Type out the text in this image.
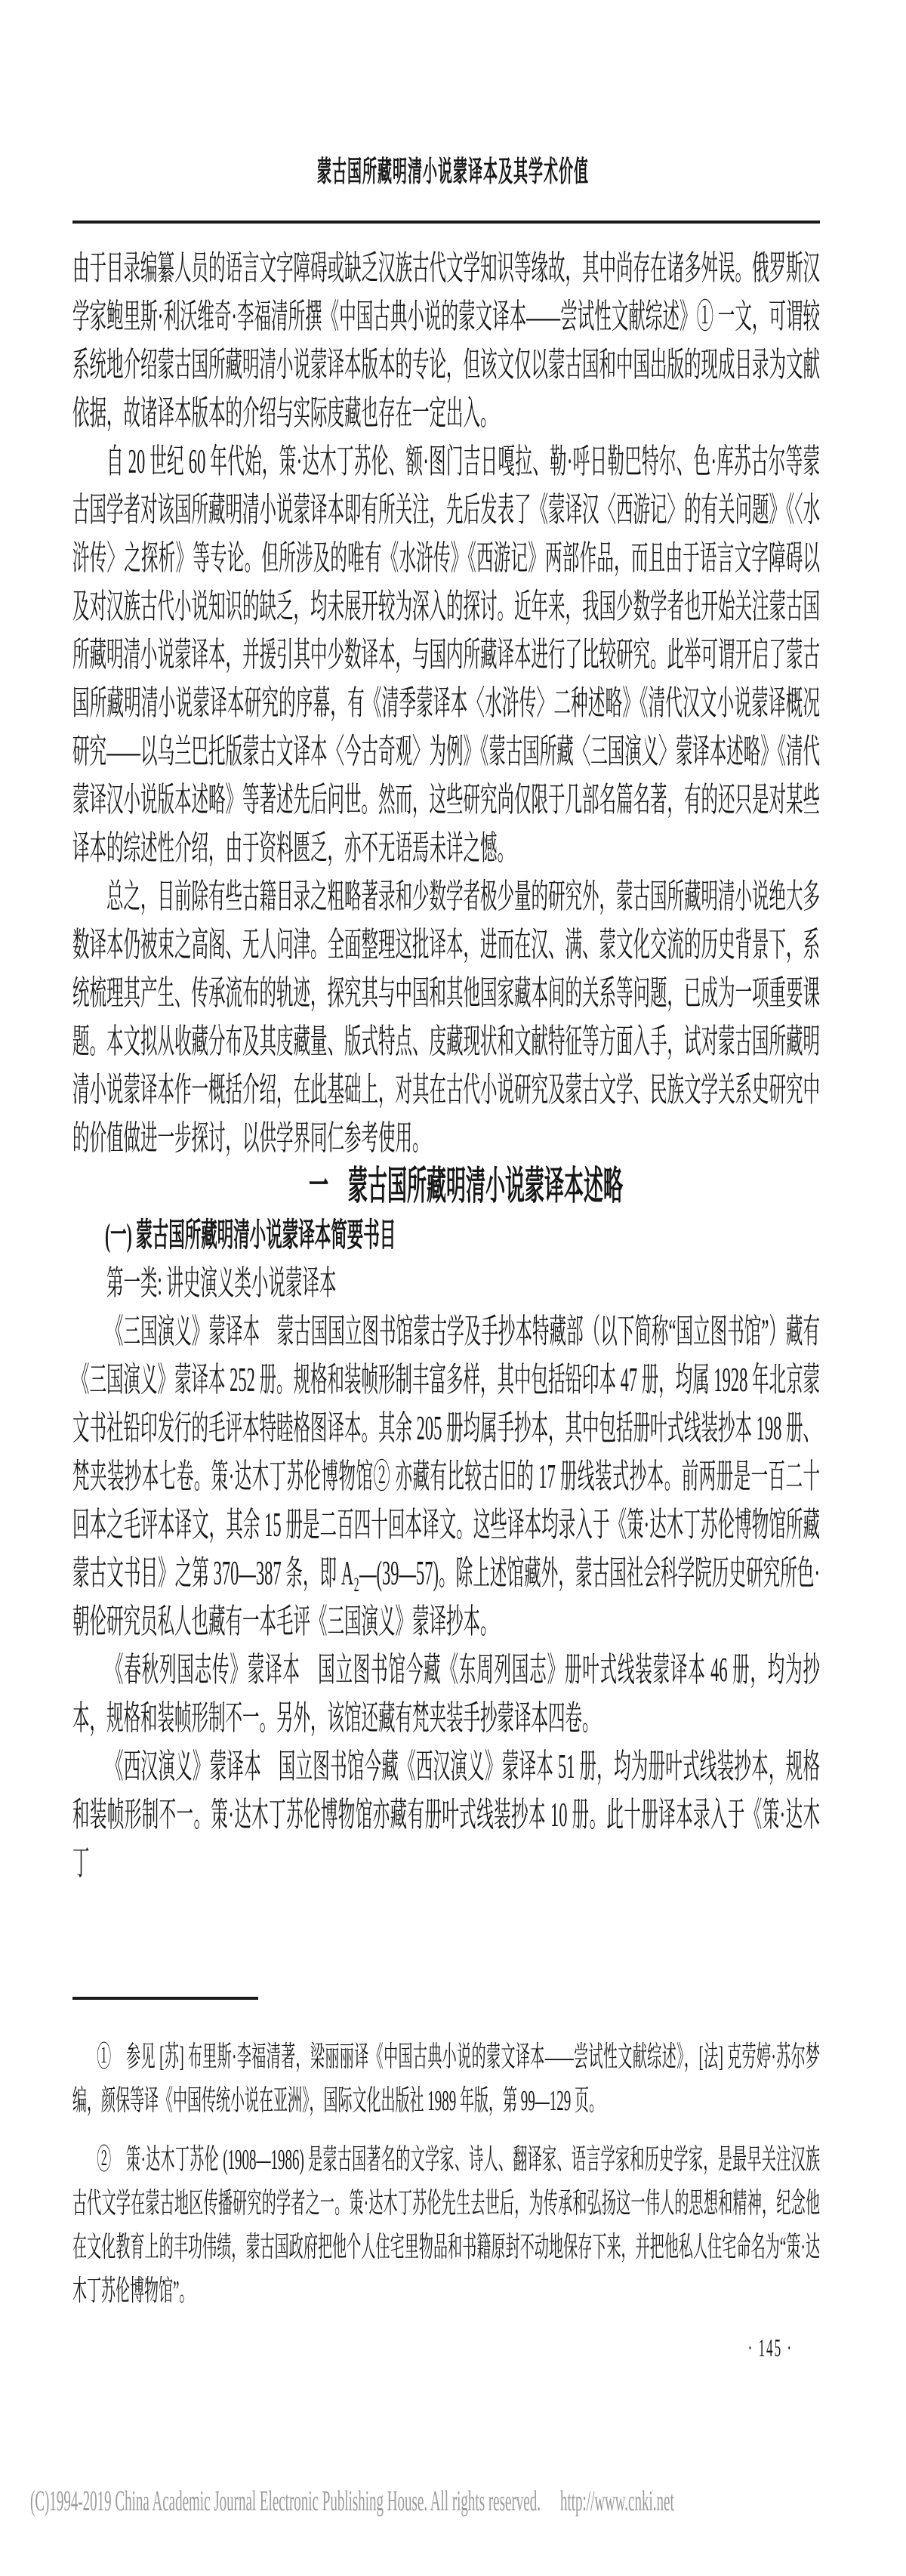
蒙古国所藏明清小说蒙译本及其学术价值

由于目录编纂人员的语言文字障碍或缺乏汉族古代文学知识等缘故，其中尚存在诸多舛误。俄罗斯汉学家鲍里斯·利沃维奇·李福清所撰《中国古典小说的蒙文译本——尝试性文献综述》① 一文，可谓较系统地介绍蒙古国所藏明清小说蒙译本版本的专论，但该文仅以蒙古国和中国出版的现成目录为文献依据，故诸译本版本的介绍与实际庋藏也存在一定出入。

自 20 世纪 60 年代始，策·达木丁苏伦、额·图门吉日嘎拉、勒·呼日勒巴特尔、色·库苏古尔等蒙古国学者对该国所藏明清小说蒙译本即有所关注，先后发表了《蒙译汉〈西游记〉的有关问题》《〈水浒传〉之探析》等专论。但所涉及的唯有《水浒传》《西游记》两部作品，而且由于语言文字障碍以及对汉族古代小说知识的缺乏，均未展开较为深入的探讨。近年来，我国少数学者也开始关注蒙古国所藏明清小说蒙译本，并援引其中少数译本，与国内所藏译本进行了比较研究。此举可谓开启了蒙古国所藏明清小说蒙译本研究的序幕，有《清季蒙译本〈水浒传〉二种述略》《清代汉文小说蒙译概况研究——以乌兰巴托版蒙古文译本〈今古奇观〉为例》《蒙古国所藏〈三国演义〉蒙译本述略》《清代蒙译汉小说版本述略》等著述先后问世。然而，这些研究尚仅限于几部名篇名著，有的还只是对某些译本的综述性介绍，由于资料匮乏，亦不无语焉未详之憾。

总之，目前除有些古籍目录之粗略著录和少数学者极少量的研究外，蒙古国所藏明清小说绝大多数译本仍被束之高阁、无人问津。全面整理这批译本，进而在汉、满、蒙文化交流的历史背景下，系统梳理其产生、传承流布的轨迹，探究其与中国和其他国家藏本间的关系等问题，已成为一项重要课题。本文拟从收藏分布及其庋藏量、版式特点、庋藏现状和文献特征等方面入手，试对蒙古国所藏明清小说蒙译本作一概括介绍，在此基础上，对其在古代小说研究及蒙古文学、民族文学关系史研究中的价值做进一步探讨，以供学界同仁参考使用。

一　蒙古国所藏明清小说蒙译本述略

(一) 蒙古国所藏明清小说蒙译本简要书目

第一类: 讲史演义类小说蒙译本

《三国演义》蒙译本　蒙古国国立图书馆蒙古学及手抄本特藏部（以下简称“国立图书馆”）藏有《三国演义》蒙译本 252 册。规格和装帧形制丰富多样，其中包括铅印本 47 册，均属 1928 年北京蒙文书社铅印发行的毛评本特睦格图译本。其余 205 册均属手抄本，其中包括册叶式线装抄本 198 册、梵夹装抄本七卷。策·达木丁苏伦博物馆② 亦藏有比较古旧的 17 册线装式抄本。前两册是一百二十回本之毛评本译文，其余 15 册是二百四十回本译文。这些译本均录入于《策·达木丁苏伦博物馆所藏蒙古文书目》之第 370—387 条，即 A₂—(39—57)。除上述馆藏外，蒙古国社会科学院历史研究所色·朝伦研究员私人也藏有一本毛评《三国演义》蒙译抄本。

《春秋列国志传》蒙译本　国立图书馆今藏《东周列国志》册叶式线装蒙译本 46 册，均为抄本，规格和装帧形制不一。另外，该馆还藏有梵夹装手抄蒙译本四卷。

《西汉演义》蒙译本　国立图书馆今藏《西汉演义》蒙译本 51 册，均为册叶式线装抄本，规格和装帧形制不一。策·达木丁苏伦博物馆亦藏有册叶式线装抄本 10 册。此十册译本录入于《策·达木丁

①　参见 [苏] 布里斯·李福清著，梁丽丽译《中国古典小说的蒙文译本——尝试性文献综述》，[法] 克劳婷·苏尔梦编，颜保等译《中国传统小说在亚洲》，国际文化出版社 1989 年版，第 99—129 页。

②　策·达木丁苏伦 (1908—1986) 是蒙古国著名的文学家、诗人、翻译家、语言学家和历史学家，是最早关注汉族古代文学在蒙古地区传播研究的学者之一。策·达木丁苏伦先生去世后，为传承和弘扬这一伟人的思想和精神，纪念他在文化教育上的丰功伟绩，蒙古国政府把他个人住宅里物品和书籍原封不动地保存下来，并把他私人住宅命名为“策·达木丁苏伦博物馆”。

· 145 ·
(C)1994-2019 China Academic Journal Electronic Publishing House. All rights reserved. http://www.cnki.net
